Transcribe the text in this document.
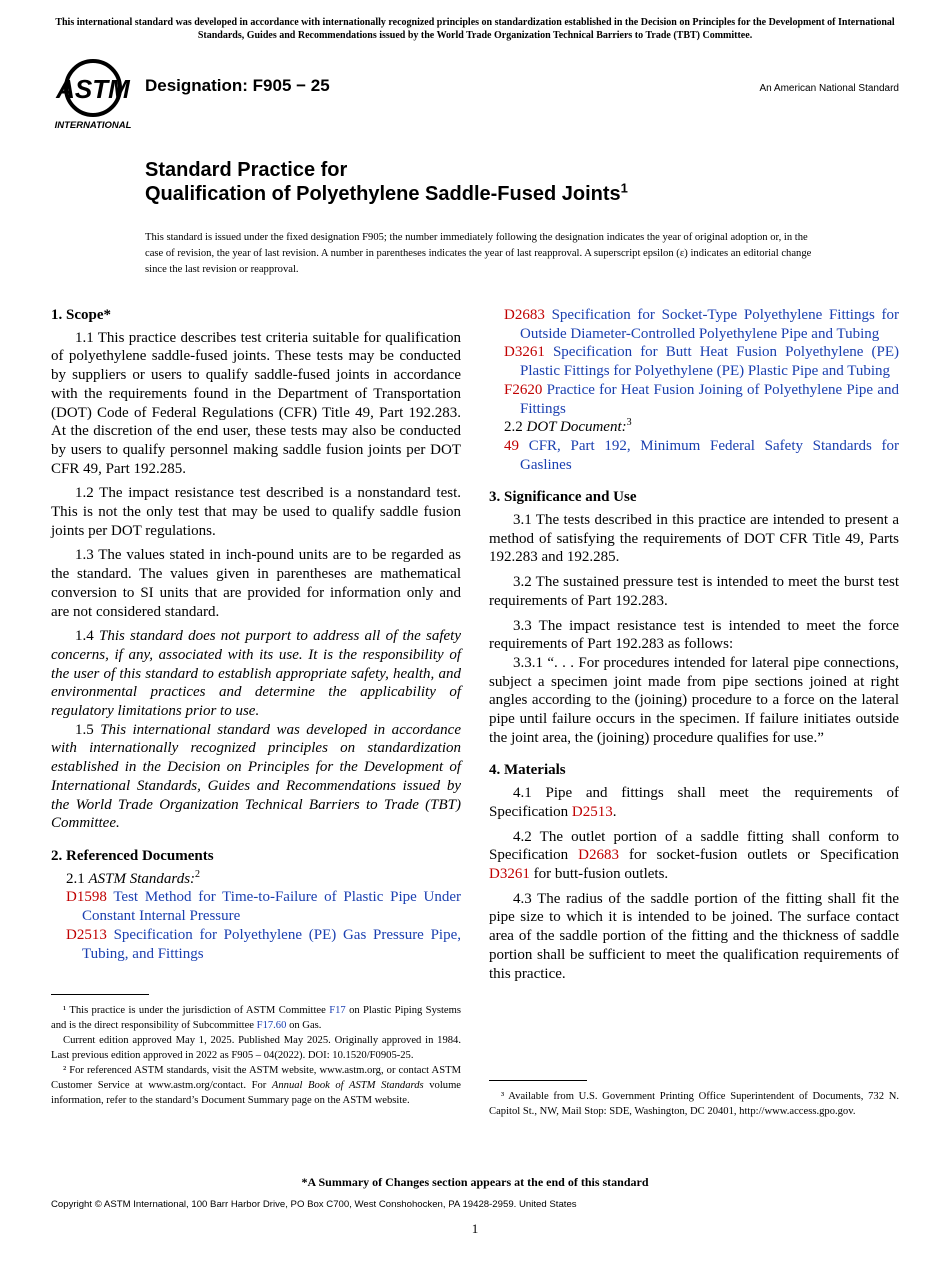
This international standard was developed in accordance with internationally recognized principles on standardization established in the Decision on Principles for the Development of International Standards, Guides and Recommendations issued by the World Trade Organization Technical Barriers to Trade (TBT) Committee.
ASTM
INTERNATIONAL
Designation: F905 − 25	An American National Standard
Standard Practice for
Qualification of Polyethylene Saddle-Fused Joints$^1$
This standard is issued under the fixed designation F905; the number immediately following the designation indicates the year of original adoption or, in the case of revision, the year of last revision. A number in parentheses indicates the year of last reapproval. A superscript epsilon (ε) indicates an editorial change since the last revision or reapproval.
1. Scope*

1.1 This practice describes test criteria suitable for qualification of polyethylene saddle-fused joints. These tests may be conducted by suppliers or users to qualify saddle-fused joints in accordance with the requirements found in the Department of Transportation (DOT) Code of Federal Regulations (CFR) Title 49, Part 192.283. At the discretion of the end user, these tests may also be conducted by users to qualify personnel making saddle fusion joints per DOT CFR 49, Part 192.285.

1.2 The impact resistance test described is a nonstandard test. This is not the only test that may be used to qualify saddle fusion joints per DOT regulations.

1.3 The values stated in inch-pound units are to be regarded as the standard. The values given in parentheses are mathematical conversion to SI units that are provided for information only and are not considered standard.

1.4 This standard does not purport to address all of the safety concerns, if any, associated with its use. It is the responsibility of the user of this standard to establish appropriate safety, health, and environmental practices and determine the applicability of regulatory limitations prior to use.

1.5 This international standard was developed in accordance with internationally recognized principles on standardization established in the Decision on Principles for the Development of International Standards, Guides and Recommendations issued by the World Trade Organization Technical Barriers to Trade (TBT) Committee.

2. Referenced Documents

2.1 ASTM Standards:$^2$

D1598 Test Method for Time-to-Failure of Plastic Pipe Under Constant Internal Pressure

D2513 Specification for Polyethylene (PE) Gas Pressure Pipe, Tubing, and Fittings

D2683 Specification for Socket-Type Polyethylene Fittings for Outside Diameter-Controlled Polyethylene Pipe and Tubing

D3261 Specification for Butt Heat Fusion Polyethylene (PE) Plastic Fittings for Polyethylene (PE) Plastic Pipe and Tubing

F2620 Practice for Heat Fusion Joining of Polyethylene Pipe and Fittings

2.2 DOT Document:$^3$

49 CFR, Part 192, Minimum Federal Safety Standards for Gaslines

3. Significance and Use

3.1 The tests described in this practice are intended to present a method of satisfying the requirements of DOT CFR Title 49, Parts 192.283 and 192.285.

3.2 The sustained pressure test is intended to meet the burst test requirements of Part 192.283.

3.3 The impact resistance test is intended to meet the force requirements of Part 192.283 as follows:

3.3.1 “. . . For procedures intended for lateral pipe connections, subject a specimen joint made from pipe sections joined at right angles according to the (joining) procedure to a force on the lateral pipe until failure occurs in the specimen. If failure initiates outside the joint area, the (joining) procedure qualifies for use.”

4. Materials

4.1 Pipe and fittings shall meet the requirements of Specification D2513.

4.2 The outlet portion of a saddle fitting shall conform to Specification D2683 for socket-fusion outlets or Specification D3261 for butt-fusion outlets.

4.3 The radius of the saddle portion of the fitting shall fit the pipe size to which it is intended to be joined. The surface contact area of the saddle portion of the fitting and the thickness of saddle portion shall be sufficient to meet the qualification requirements of this practice.

¹ This practice is under the jurisdiction of ASTM Committee F17 on Plastic Piping Systems and is the direct responsibility of Subcommittee F17.60 on Gas.

Current edition approved May 1, 2025. Published May 2025. Originally approved in 1984. Last previous edition approved in 2022 as F905 – 04(2022). DOI: 10.1520/F0905-25.

² For referenced ASTM standards, visit the ASTM website, www.astm.org, or contact ASTM Customer Service at www.astm.org/contact. For Annual Book of ASTM Standards volume information, refer to the standard’s Document Summary page on the ASTM website.	³ Available from U.S. Government Printing Office Superintendent of Documents, 732 N. Capitol St., NW, Mail Stop: SDE, Washington, DC 20401, http://www.access.gpo.gov.

*A Summary of Changes section appears at the end of this standard
Copyright © ASTM International, 100 Barr Harbor Drive, PO Box C700, West Conshohocken, PA 19428-2959. United States
1
